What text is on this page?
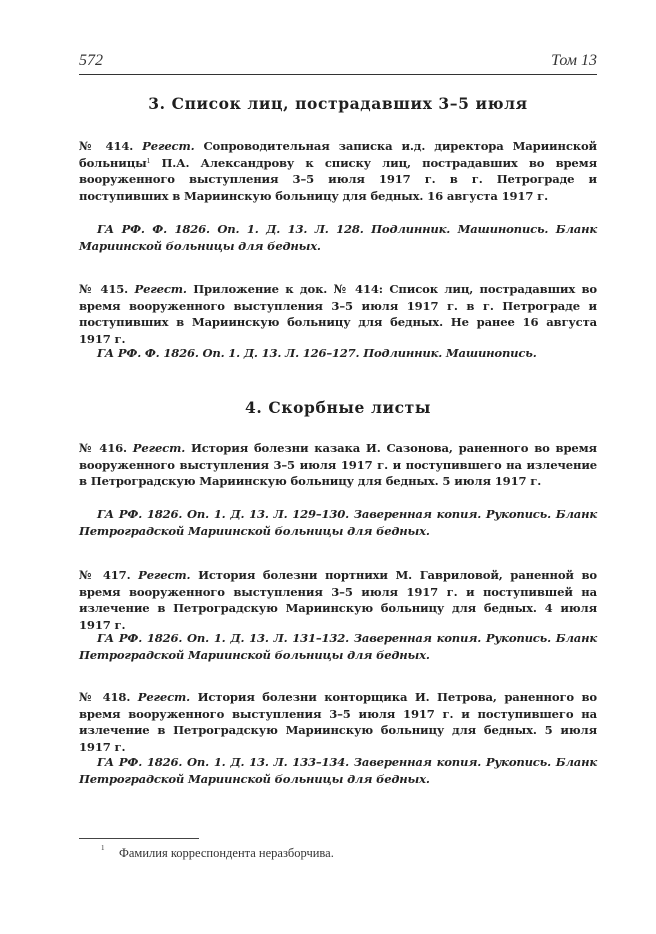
572	Том 13
3. Список лиц, пострадавших 3–5 июля
№ 414. Регест. Сопроводительная записка и.д. директора Мариинской больницы$^1$ П.А. Александрову к списку лиц, пострадавших во время вооруженного выступления 3–5 июля 1917 г. в г. Петрограде и поступивших в Мариинскую больницу для бедных. 16 августа 1917 г.
ГА РФ. Ф. 1826. Оп. 1. Д. 13. Л. 128. Подлинник. Машинопись. Бланк Мариинской больницы для бедных.
№ 415. Регест. Приложение к док. № 414: Список лиц, пострадавших во время вооруженного выступления 3–5 июля 1917 г. в г. Петрограде и поступивших в Мариинскую больницу для бедных. Не ранее 16 августа 1917 г.
ГА РФ. Ф. 1826. Оп. 1. Д. 13. Л. 126–127. Подлинник. Машинопись.
4. Скорбные листы
№ 416. Регест. История болезни казака И. Сазонова, раненного во время вооруженного выступления 3–5 июля 1917 г. и поступившего на излечение в Петроградскую Мариинскую больницу для бедных. 5 июля 1917 г.
ГА РФ. 1826. Оп. 1. Д. 13. Л. 129–130. Заверенная копия. Рукопись. Бланк Петроградской Мариинской больницы для бедных.
№ 417. Регест. История болезни портнихи М. Гавриловой, раненной во время вооруженного выступления 3–5 июля 1917 г. и поступившей на излечение в Петроградскую Мариинскую больницу для бедных. 4 июля 1917 г.
ГА РФ. 1826. Оп. 1. Д. 13. Л. 131–132. Заверенная копия. Рукопись. Бланк Петроградской Мариинской больницы для бедных.
№ 418. Регест. История болезни конторщика И. Петрова, раненного во время вооруженного выступления 3–5 июля 1917 г. и поступившего на излечение в Петроградскую Мариинскую больницу для бедных. 5 июля 1917 г.
ГА РФ. 1826. Оп. 1. Д. 13. Л. 133–134. Заверенная копия. Рукопись. Бланк Петроградской Мариинской больницы для бедных.
1 Фамилия корреспондента неразборчива.
